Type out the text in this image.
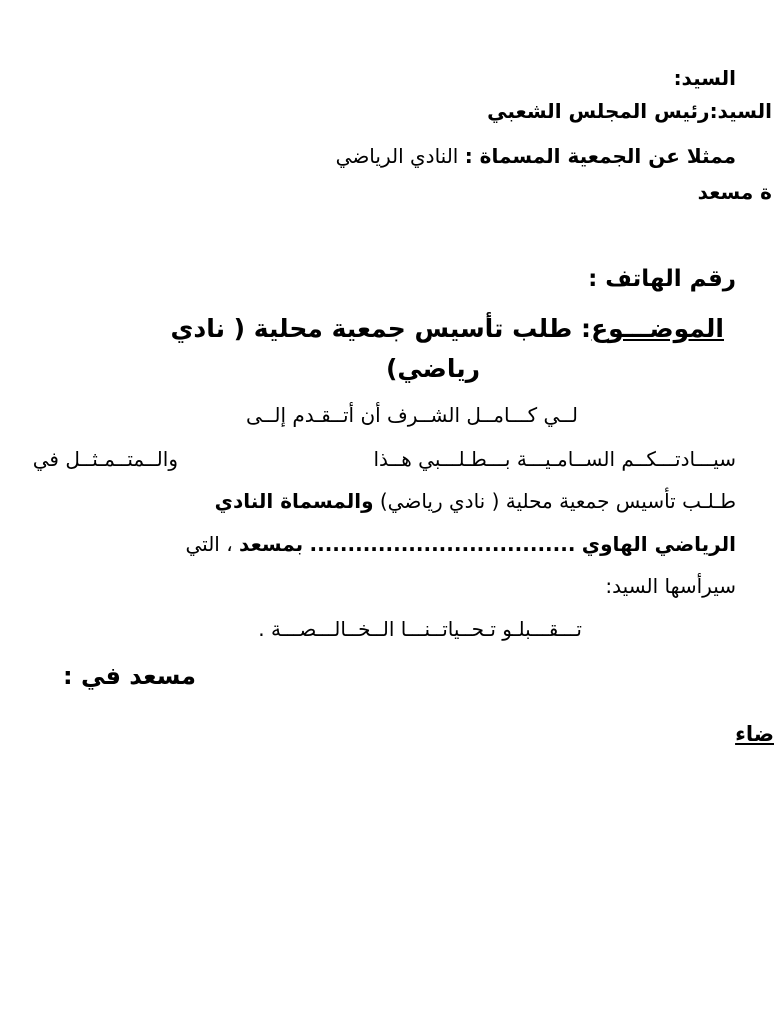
السيد:
السيد:رئيس المجلس الشعبي
ممثلا عن الجمعية المسماة : النادي الرياضي
ة مسعد
رقم الهاتف :
الموضـــوع: طلب تأسيس جمعية محلية ( نادي
رياضي)
لــي كـــامــل الشــرف أن أتــقـدم إلــى
سيـــادتـــكــم الســامـيـــة بـــطـلـــبي هــذا
والــمتــمـثــل في
طـلـب تأسيس جمعية محلية ( نادي رياضي) والمسماة النادي
الرياضي الهاوي ................................... بمسعد ، التي
سيرأسها السيد:
تـــقـــبلـو تـحــياتــنـــا الــخــالـــصـــة .
مسعد في :
ضاء
